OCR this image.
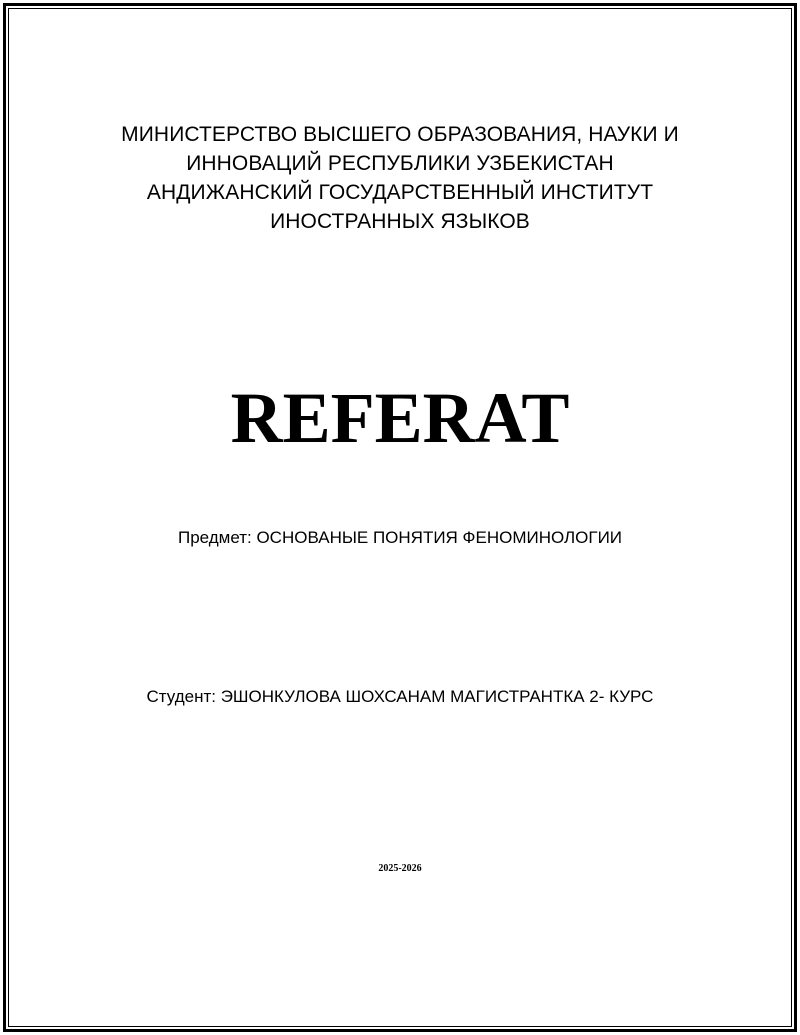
МИНИСТЕРСТВО ВЫСШЕГО ОБРАЗОВАНИЯ, НАУКИ И
ИННОВАЦИЙ РЕСПУБЛИКИ УЗБЕКИСТАН
АНДИЖАНСКИЙ ГОСУДАРСТВЕННЫЙ ИНСТИТУТ
ИНОСТРАННЫХ ЯЗЫКОВ
REFERAT
Предмет: ОСНОВАНЫЕ ПОНЯТИЯ ФЕНОМИНОЛОГИИ
Студент: ЭШОНКУЛОВА ШОХСАНАМ МАГИСТРАНТКА 2- КУРС
2025-2026
